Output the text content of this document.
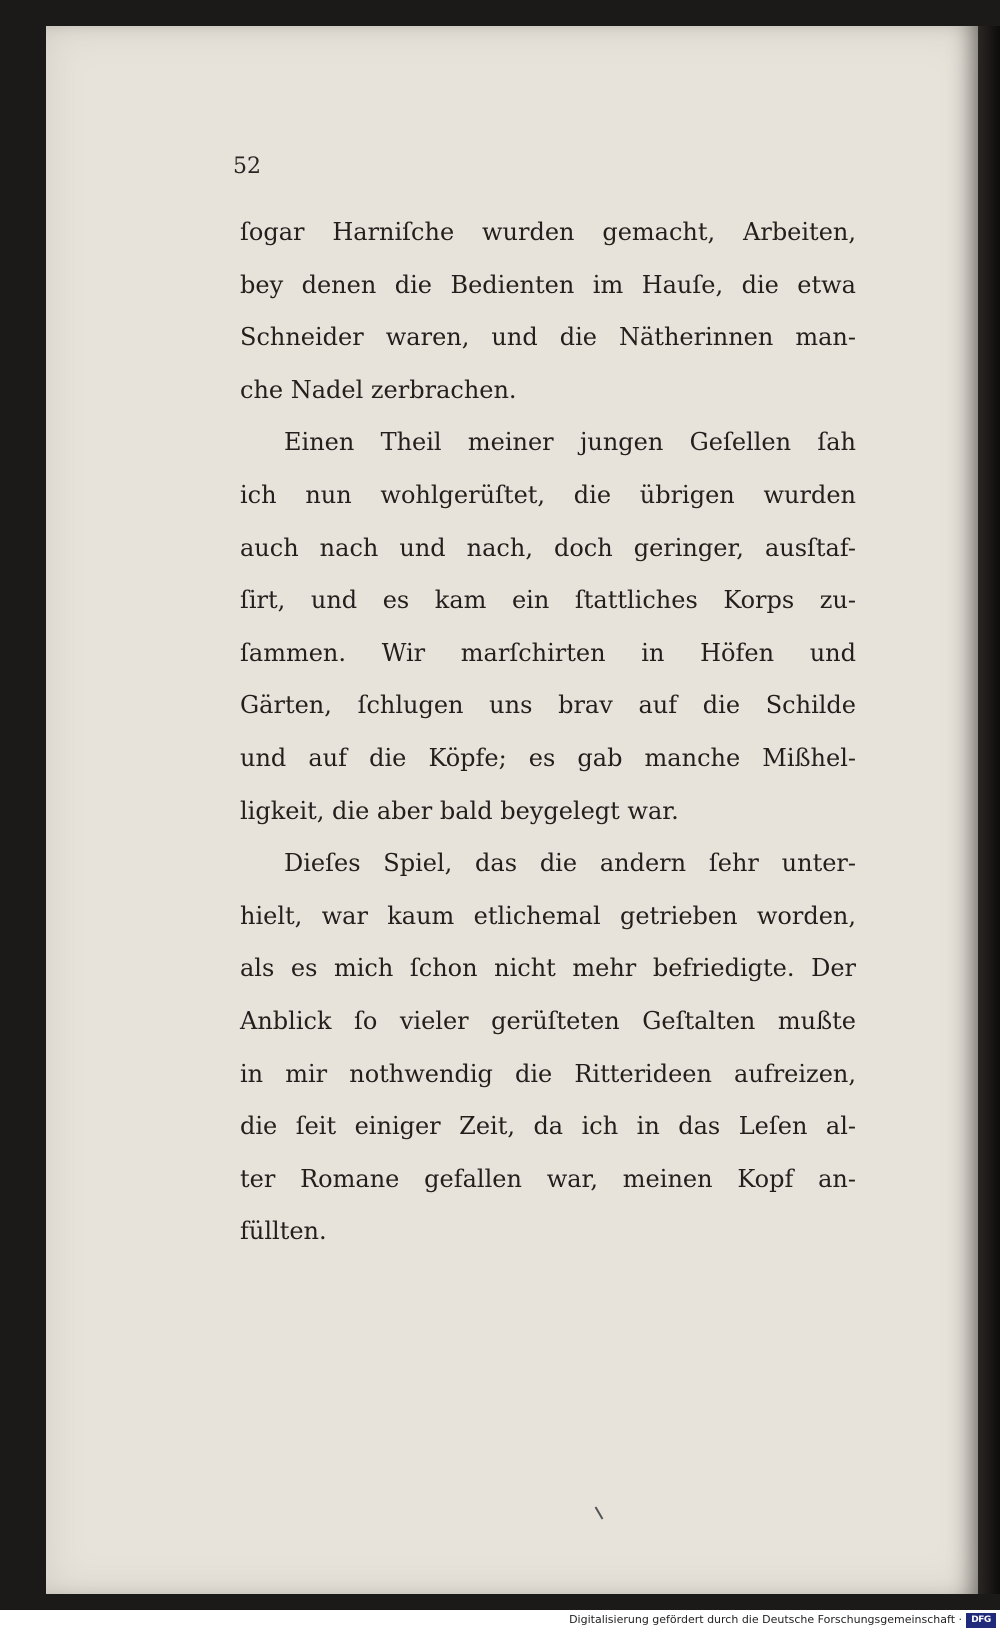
52
ſogar Harniſche wurden gemacht, Arbeiten,
bey denen die Bedienten im Hauſe, die etwa
Schneider waren, und die Nätherinnen man-
che Nadel zerbrachen.
Einen Theil meiner jungen Geſellen ſah
ich nun wohlgerüſtet, die übrigen wurden
auch nach und nach, doch geringer, ausſtaf-
ſirt, und es kam ein ſtattliches Korps zu-
ſammen. Wir marſchirten in Höfen und
Gärten, ſchlugen uns brav auf die Schilde
und auf die Köpfe; es gab manche Mißhel-
ligkeit, die aber bald beygelegt war.
Dieſes Spiel, das die andern ſehr unter-
hielt, war kaum etlichemal getrieben worden,
als es mich ſchon nicht mehr befriedigte. Der
Anblick ſo vieler gerüſteten Geſtalten mußte
in mir nothwendig die Ritterideen aufreizen,
die ſeit einiger Zeit, da ich in das Leſen al-
ter Romane gefallen war, meinen Kopf an-
füllten.
Digitalisierung gefördert durch die Deutsche Forschungsgemeinschaft ·	DFG
